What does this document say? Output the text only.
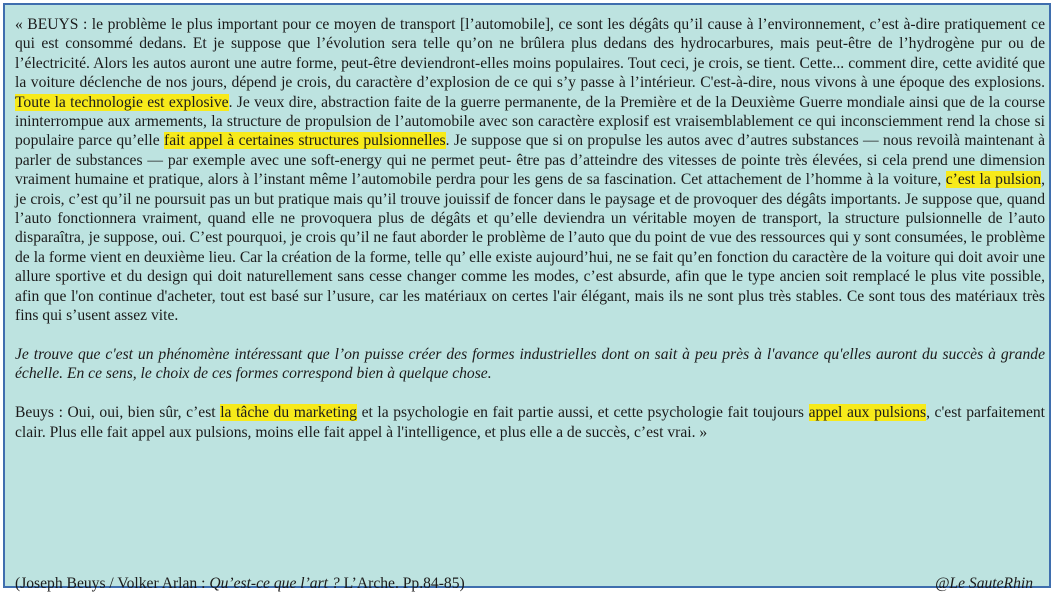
« BEUYS : le problème le plus important pour ce moyen de transport [l’automobile], ce sont les dégâts qu’il cause à l’environnement, c’est à-dire pratiquement ce qui est consommé dedans. Et je suppose que l’évolution sera telle qu’on ne brûlera plus dedans des hydrocarbures, mais peut-être de l’hydrogène pur ou de l’électricité. Alors les autos auront une autre forme, peut-être deviendront-elles moins populaires. Tout ceci, je crois, se tient. Cette... comment dire, cette avidité que la voiture déclenche de nos jours, dépend je crois, du caractère d’explosion de ce qui s’y passe à l’intérieur. C'est-à-dire, nous vivons à une époque des explosions. Toute la technologie est explosive. Je veux dire, abstraction faite de la guerre permanente, de la Première et de la Deuxième Guerre mondiale ainsi que de la course ininterrompue aux armements, la structure de propulsion de l’automobile avec son caractère explosif est vraisemblablement ce qui inconsciemment rend la chose si populaire parce qu’elle fait appel à certaines structures pulsionnelles. Je suppose que si on propulse les autos avec d’autres substances — nous revoilà maintenant à parler de substances — par exemple avec une soft-energy qui ne permet peut- être pas d’atteindre des vitesses de pointe très élevées, si cela prend une dimension vraiment humaine et pratique, alors à l’instant même l’automobile perdra pour les gens de sa fascination. Cet attachement de l’homme à la voiture, c’est la pulsion, je crois, c’est qu’il ne poursuit pas un but pratique mais qu’il trouve jouissif de foncer dans le paysage et de provoquer des dégâts importants. Je suppose que, quand l’auto fonctionnera vraiment, quand elle ne provoquera plus de dégâts et qu’elle deviendra un véritable moyen de transport, la structure pulsionnelle de l’auto disparaîtra, je suppose, oui. C’est pourquoi, je crois qu’il ne faut aborder le problème de l’auto que du point de vue des ressources qui y sont consumées, le problème de la forme vient en deuxième lieu. Car la création de la forme, telle qu’ elle existe aujourd’hui, ne se fait qu’en fonction du caractère de la voiture qui doit avoir une allure sportive et du design qui doit naturellement sans cesse changer comme les modes, c’est absurde, afin que le type ancien soit remplacé le plus vite possible, afin que l'on continue d'acheter, tout est basé sur l’usure, car les matériaux on certes l'air élégant, mais ils ne sont plus très stables. Ce sont tous des matériaux très fins qui s’usent assez vite.

Je trouve que c'est un phénomène intéressant que l’on puisse créer des formes industrielles dont on sait à peu près à l'avance qu'elles auront du succès à grande échelle. En ce sens, le choix de ces formes correspond bien à quelque chose.

Beuys : Oui, oui, bien sûr, c’est la tâche du marketing et la psychologie en fait partie aussi, et cette psychologie fait toujours appel aux pulsions, c'est parfaitement clair. Plus elle fait appel aux pulsions, moins elle fait appel à l'intelligence, et plus elle a de succès, c’est vrai. »

(Joseph Beuys / Volker Arlan : Qu’est-ce que l’art ? L’Arche. Pp.84-85)	@Le SauteRhin
